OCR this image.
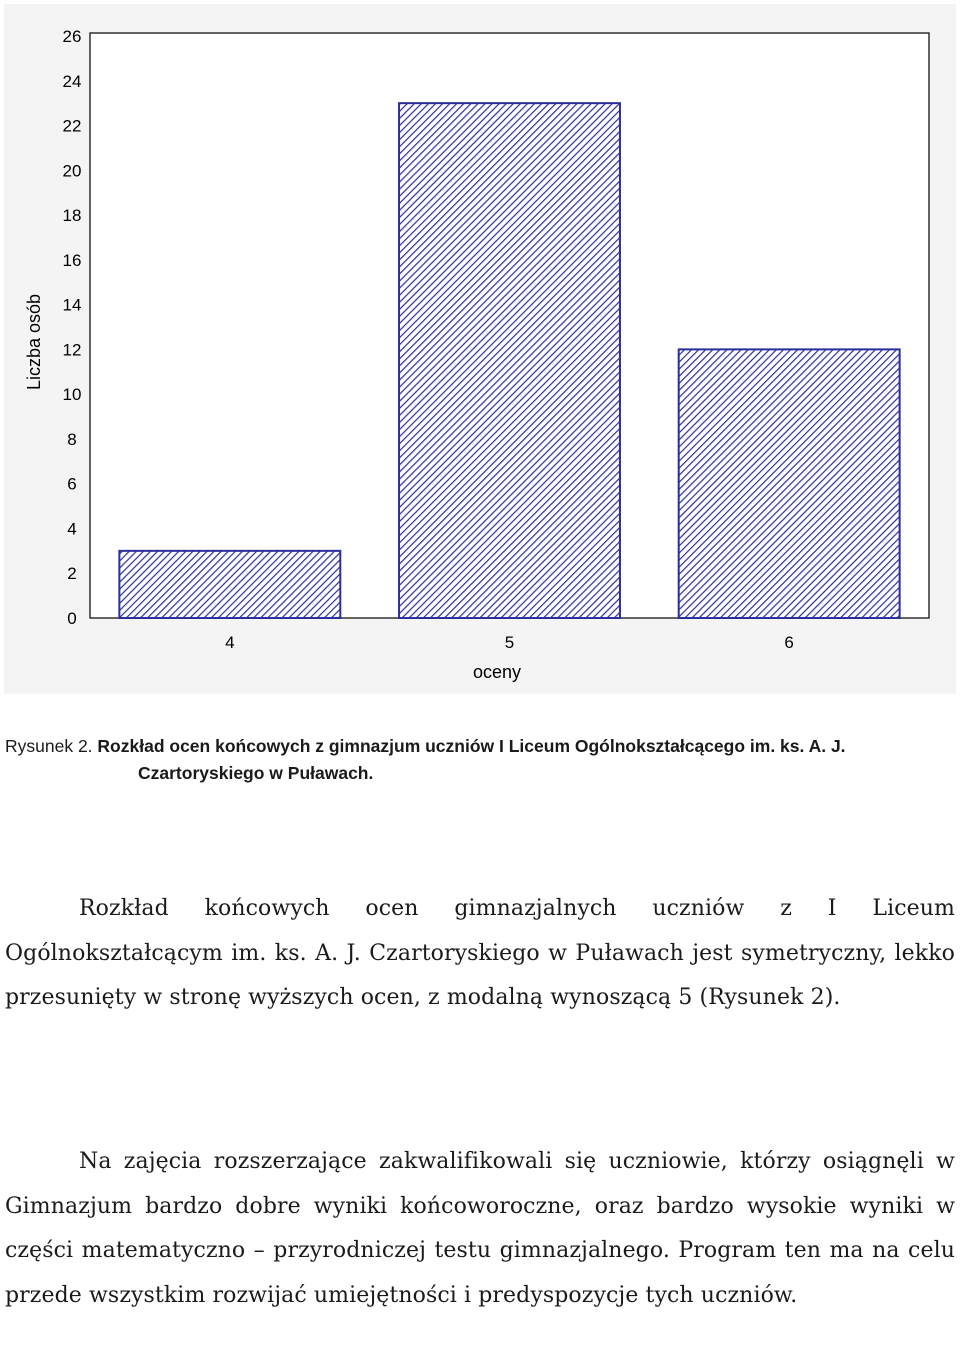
0
2
4
6
8
10
12
14
16
18
20
22
24
26
4	5	6
oceny
Liczba osób
Rysunek 2. Rozkład ocen końcowych z gimnazjum uczniów I Liceum Ogólnokształcącego im. ks. A. J.
Czartoryskiego w Puławach.
Rozkład końcowych ocen gimnazjalnych uczniów z I Liceum Ogólnokształcącym im. ks. A. J. Czartoryskiego w Puławach jest symetryczny, lekko przesunięty w stronę wyższych ocen, z modalną wynoszącą 5 (Rysunek 2).
Na zajęcia rozszerzające zakwalifikowali się uczniowie, którzy osiągnęli w Gimnazjum bardzo dobre wyniki końcoworoczne, oraz bardzo wysokie wyniki w części matematyczno – przyrodniczej testu gimnazjalnego. Program ten ma na celu przede wszystkim rozwijać umiejętności i predyspozycje tych uczniów.
